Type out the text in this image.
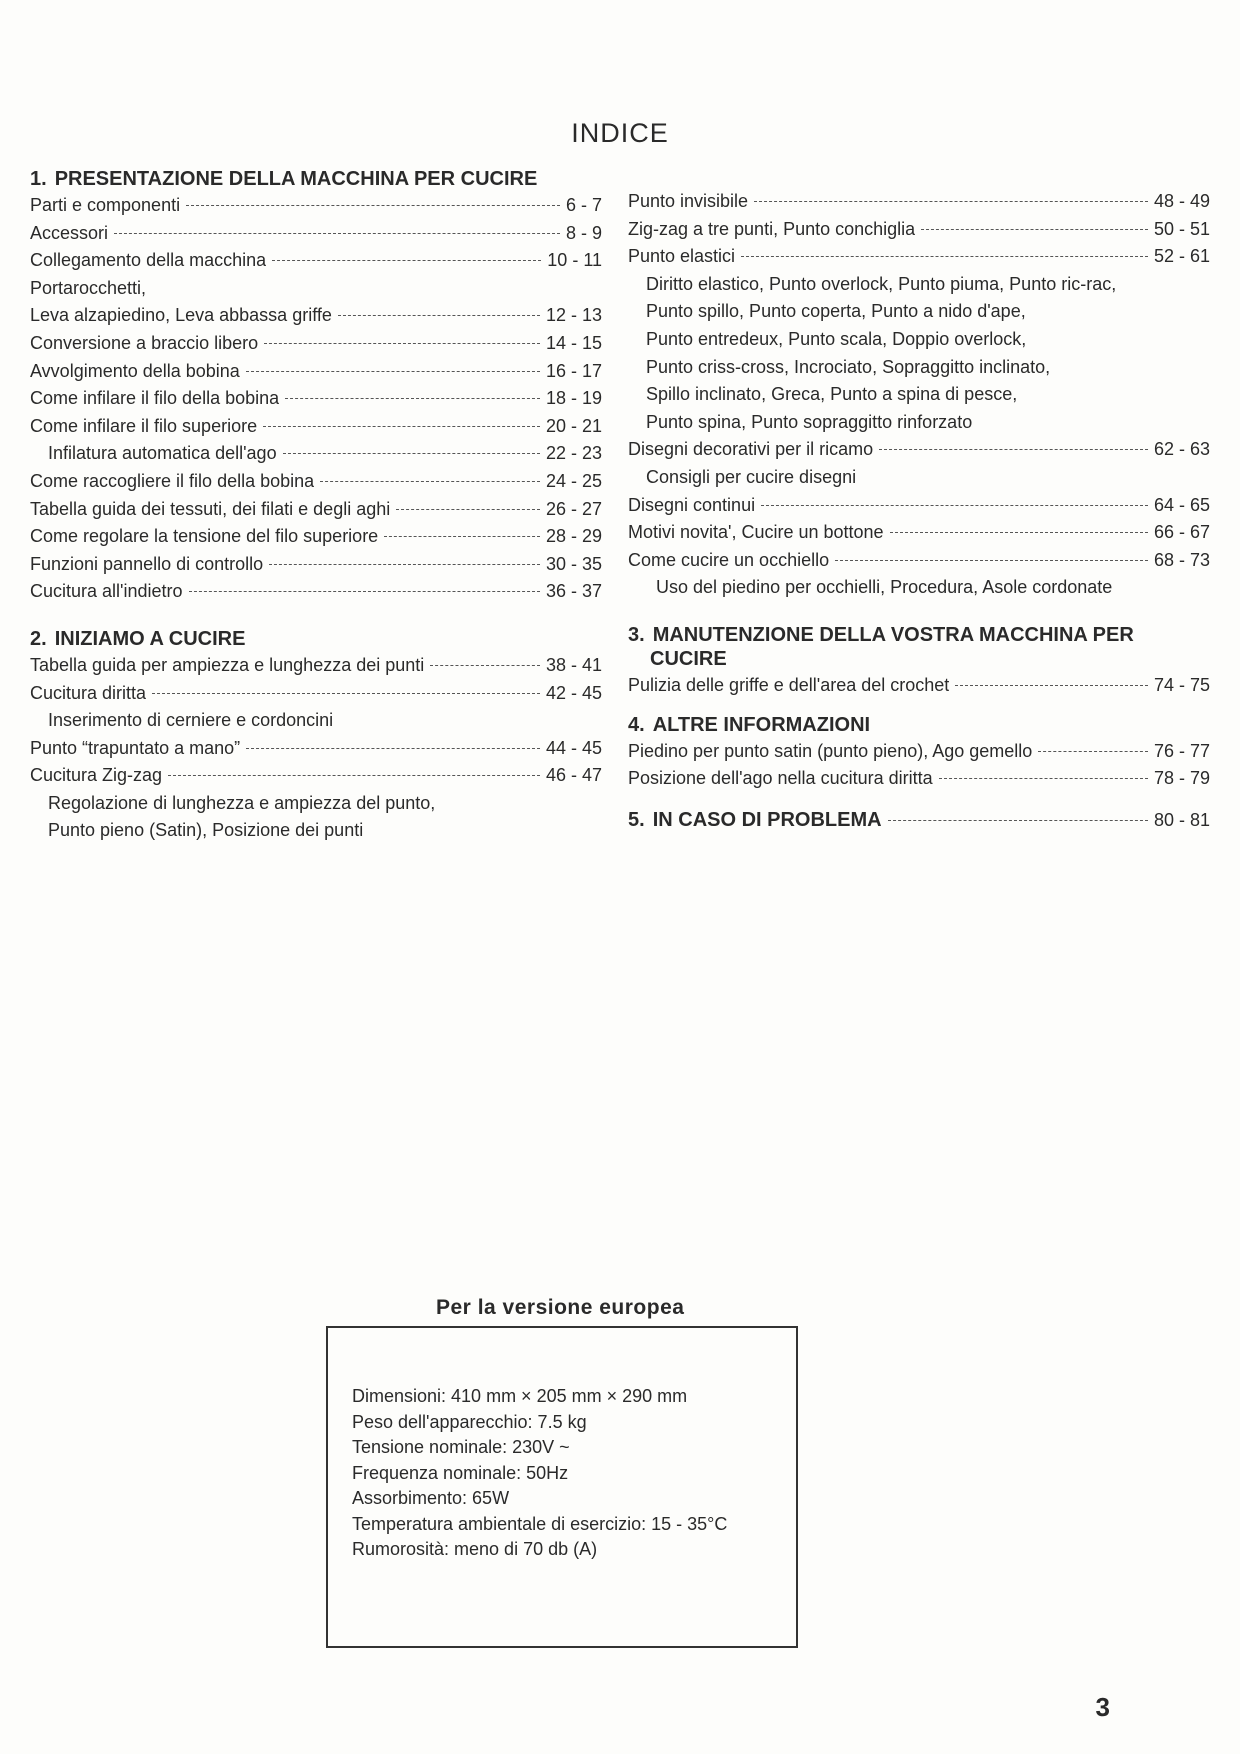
INDICE
1. PRESENTAZIONE DELLA MACCHINA PER CUCIRE
Parti e componenti	6 - 7
Accessori	8 - 9
Collegamento della macchina	10 - 11
Portarocchetti,
Leva alzapiedino, Leva abbassa griffe	12 - 13
Conversione a braccio libero	14 - 15
Avvolgimento della bobina	16 - 17
Come infilare il filo della bobina	18 - 19
Come infilare il filo superiore	20 - 21
Infilatura automatica dell'ago	22 - 23
Come raccogliere il filo della bobina	24 - 25
Tabella guida dei tessuti, dei filati e degli aghi	26 - 27
Come regolare la tensione del filo superiore	28 - 29
Funzioni pannello di controllo	30 - 35
Cucitura all'indietro	36 - 37
2. INIZIAMO A CUCIRE
Tabella guida per ampiezza e lunghezza dei punti	38 - 41
Cucitura diritta	42 - 45
Inserimento di cerniere e cordoncini
Punto “trapuntato a mano”	44 - 45
Cucitura Zig-zag	46 - 47
Regolazione di lunghezza e ampiezza del punto,
Punto pieno (Satin), Posizione dei punti
Punto invisibile	48 - 49
Zig-zag a tre punti, Punto conchiglia	50 - 51
Punto elastici	52 - 61
Diritto elastico, Punto overlock, Punto piuma, Punto ric-rac,
Punto spillo, Punto coperta, Punto a nido d'ape,
Punto entredeux, Punto scala, Doppio overlock,
Punto criss-cross, Incrociato, Sopraggitto inclinato,
Spillo inclinato, Greca, Punto a spina di pesce,
Punto spina, Punto sopraggitto rinforzato
Disegni decorativi per il ricamo	62 - 63
Consigli per cucire disegni
Disegni continui	64 - 65
Motivi novita', Cucire un bottone	66 - 67
Come cucire un occhiello	68 - 73
Uso del piedino per occhielli, Procedura, Asole cordonate
3. MANUTENZIONE DELLA VOSTRA MACCHINA PER
CUCIRE
Pulizia delle griffe e dell'area del crochet	74 - 75
4. ALTRE INFORMAZIONI
Piedino per punto satin (punto pieno), Ago gemello	76 - 77
Posizione dell'ago nella cucitura diritta	78 - 79
5. IN CASO DI PROBLEMA	80 - 81
Per la versione europea
Dimensioni: 410 mm × 205 mm × 290 mm
Peso dell'apparecchio: 7.5 kg
Tensione nominale: 230V ~
Frequenza nominale: 50Hz
Assorbimento: 65W
Temperatura ambientale di esercizio: 15 - 35°C
Rumorosità: meno di 70 db (A)
3
